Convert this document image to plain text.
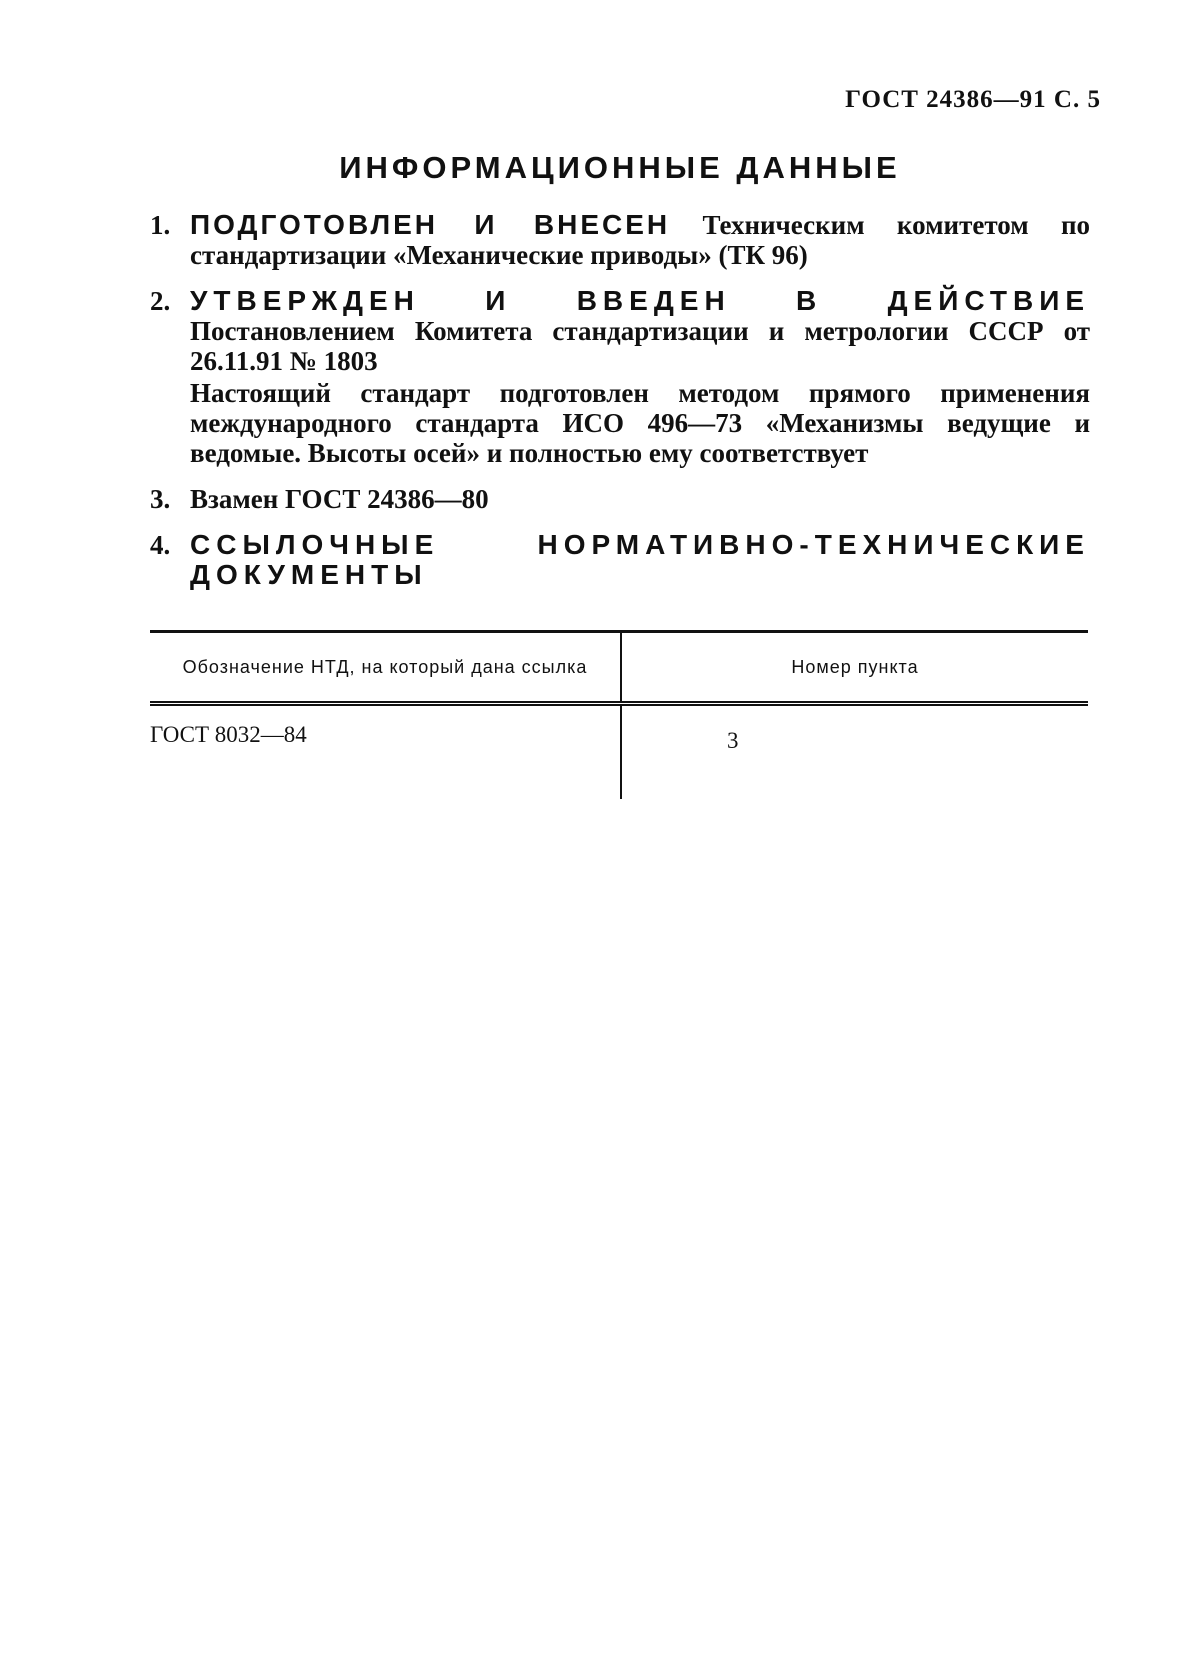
ГОСТ 24386—91 С. 5
ИНФОРМАЦИОННЫЕ ДАННЫЕ
1. ПОДГОТОВЛЕН И ВНЕСЕН Техническим комитетом по стандартизации «Механические приводы» (ТК 96)
2. УТВЕРЖДЕН И ВВЕДЕН В ДЕЙСТВИЕ Постановлением Комитета стандартизации и метрологии СССР от 26.11.91 № 1803
Настоящий стандарт подготовлен методом прямого применения международного стандарта ИСО 496—73 «Механизмы ведущие и ведомые. Высоты осей» и полностью ему соответствует
3. Взамен ГОСТ 24386—80
4. ССЫЛОЧНЫЕ НОРМАТИВНО-ТЕХНИЧЕСКИЕ ДОКУМЕНТЫ
Обозначение НТД, на который дана ссылка	Номер пункта
ГОСТ 8032—84	3
